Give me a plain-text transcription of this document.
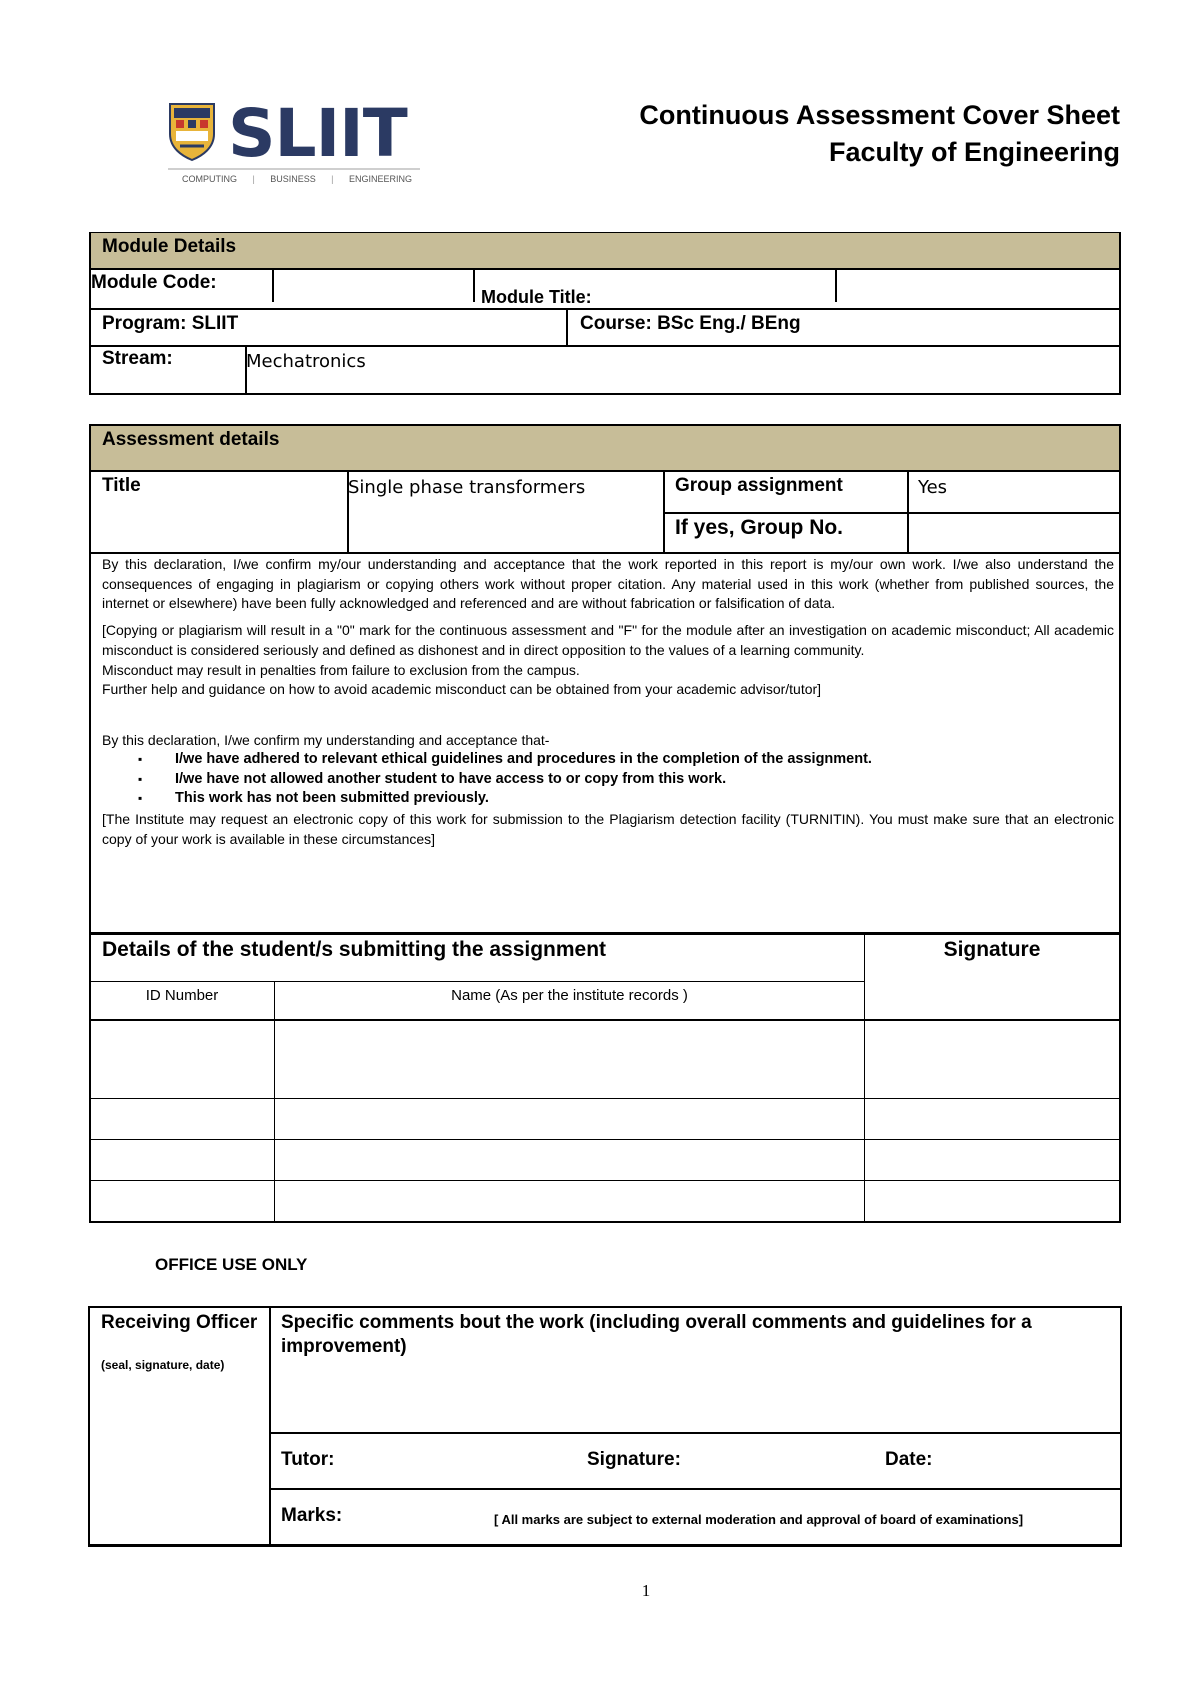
SLIIT
COMPUTING | BUSINESS | ENGINEERING
Continuous Assessment Cover Sheet
Faculty of Engineering
Module Details
Module Code:
Module Title:
Program: SLIIT	Course: BSc Eng./ BEng
Stream:	Mechatronics
Assessment details
Title	Single phase transformers	Group assignment	Yes
If yes, Group No.

By this declaration, I/we confirm my/our understanding and acceptance that the work reported in this report is my/our own work. I/we also understand the consequences of engaging in plagiarism or copying others work without proper citation. Any material used in this work (whether from published sources, the internet or elsewhere) have been fully acknowledged and referenced and are without fabrication or falsification of data.

[Copying or plagiarism will result in a "0" mark for the continuous assessment and "F" for the module after an investigation on academic misconduct; All academic misconduct is considered seriously and defined as dishonest and in direct opposition to the values of a learning community.

Misconduct may result in penalties from failure to exclusion from the campus.

Further help and guidance on how to avoid academic misconduct can be obtained from your academic advisor/tutor]

By this declaration, I/we confirm my understanding and acceptance that-

▪ I/we have adhered to relevant ethical guidelines and procedures in the completion of the assignment.
▪ I/we have not allowed another student to have access to or copy from this work.
▪ This work has not been submitted previously.

[The Institute may request an electronic copy of this work for submission to the Plagiarism detection facility (TURNITIN). You must make sure that an electronic copy of your work is available in these circumstances]

Details of the student/s submitting the assignment	Signature
ID Number	Name (As per the institute records )
OFFICE USE ONLY
Receiving Officer
(seal, signature, date)
Specific comments bout the work (including overall comments and guidelines for a improvement)
Tutor:	Signature:	Date:
Marks:	[ All marks are subject to external moderation and approval of board of examinations]
1
